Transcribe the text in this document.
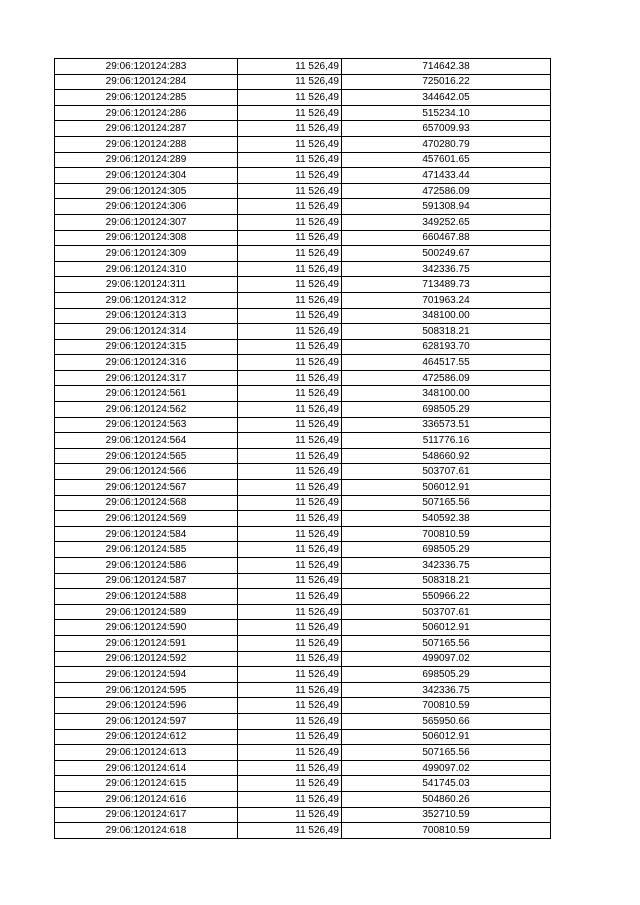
29:06:120124:283	11 526,49	714642.38
29:06:120124:284	11 526,49	725016.22
29:06:120124:285	11 526,49	344642.05
29:06:120124:286	11 526,49	515234.10
29:06:120124:287	11 526,49	657009.93
29:06:120124:288	11 526,49	470280.79
29:06:120124:289	11 526,49	457601.65
29:06:120124:304	11 526,49	471433.44
29:06:120124:305	11 526,49	472586.09
29:06:120124:306	11 526,49	591308.94
29:06:120124:307	11 526,49	349252.65
29:06:120124:308	11 526,49	660467.88
29:06:120124:309	11 526,49	500249.67
29:06:120124:310	11 526,49	342336.75
29:06:120124:311	11 526,49	713489.73
29:06:120124:312	11 526,49	701963.24
29:06:120124:313	11 526,49	348100.00
29:06:120124:314	11 526,49	508318.21
29:06:120124:315	11 526,49	628193.70
29:06:120124:316	11 526,49	464517.55
29:06:120124:317	11 526,49	472586.09
29:06:120124:561	11 526,49	348100.00
29:06:120124:562	11 526,49	698505.29
29:06:120124:563	11 526,49	336573.51
29:06:120124:564	11 526,49	511776.16
29:06:120124:565	11 526,49	548660.92
29:06:120124:566	11 526,49	503707.61
29:06:120124:567	11 526,49	506012.91
29:06:120124:568	11 526,49	507165.56
29:06:120124:569	11 526,49	540592.38
29:06:120124:584	11 526,49	700810.59
29:06:120124:585	11 526,49	698505.29
29:06:120124:586	11 526,49	342336.75
29:06:120124:587	11 526,49	508318.21
29:06:120124:588	11 526,49	550966.22
29:06:120124:589	11 526,49	503707.61
29:06:120124:590	11 526,49	506012.91
29:06:120124:591	11 526,49	507165.56
29:06:120124:592	11 526,49	499097.02
29:06:120124:594	11 526,49	698505.29
29:06:120124:595	11 526,49	342336.75
29:06:120124:596	11 526,49	700810.59
29:06:120124:597	11 526,49	565950.66
29:06:120124:612	11 526,49	506012.91
29:06:120124:613	11 526,49	507165.56
29:06:120124:614	11 526,49	499097.02
29:06:120124:615	11 526,49	541745.03
29:06:120124:616	11 526,49	504860.26
29:06:120124:617	11 526,49	352710.59
29:06:120124:618	11 526,49	700810.59
